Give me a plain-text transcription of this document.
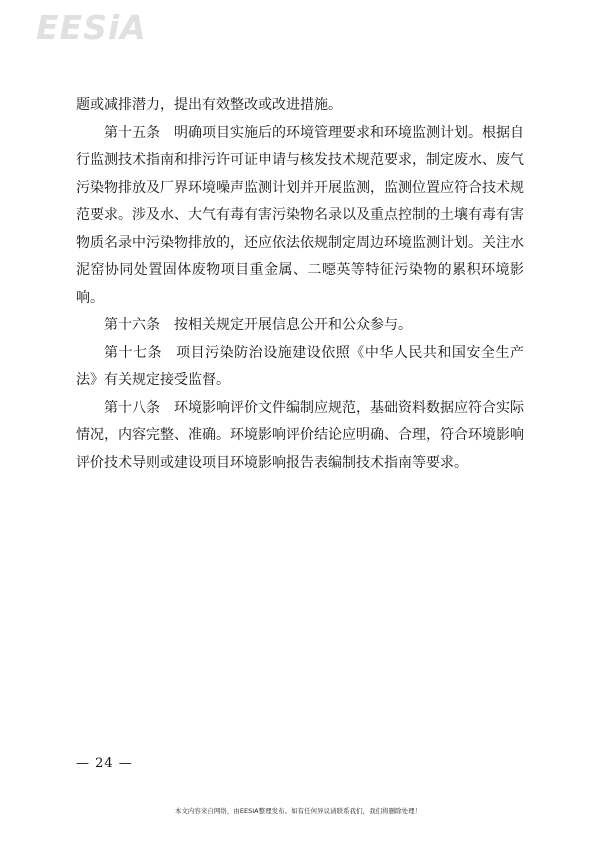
EESiA

题或减排潜力，提出有效整改或改进措施。

第十五条 明确项目实施后的环境管理要求和环境监测计划。根据自行监测技术指南和排污许可证申请与核发技术规范要求，制定废水、废气污染物排放及厂界环境噪声监测计划并开展监测，监测位置应符合技术规范要求。涉及水、大气有毒有害污染物名录以及重点控制的土壤有毒有害物质名录中污染物排放的，还应依法依规制定周边环境监测计划。关注水泥窑协同处置固体废物项目重金属、二噁英等特征污染物的累积环境影响。

第十六条 按相关规定开展信息公开和公众参与。

第十七条 项目污染防治设施建设依照《中华人民共和国安全生产法》有关规定接受监督。

第十八条 环境影响评价文件编制应规范，基础资料数据应符合实际情况，内容完整、准确。环境影响评价结论应明确、合理，符合环境影响评价技术导则或建设项目环境影响报告表编制技术指南等要求。

— 24 —
本文内容来自网络，由EESIA整理发布。如有任何异议请联系我们，我们将删除处理！
